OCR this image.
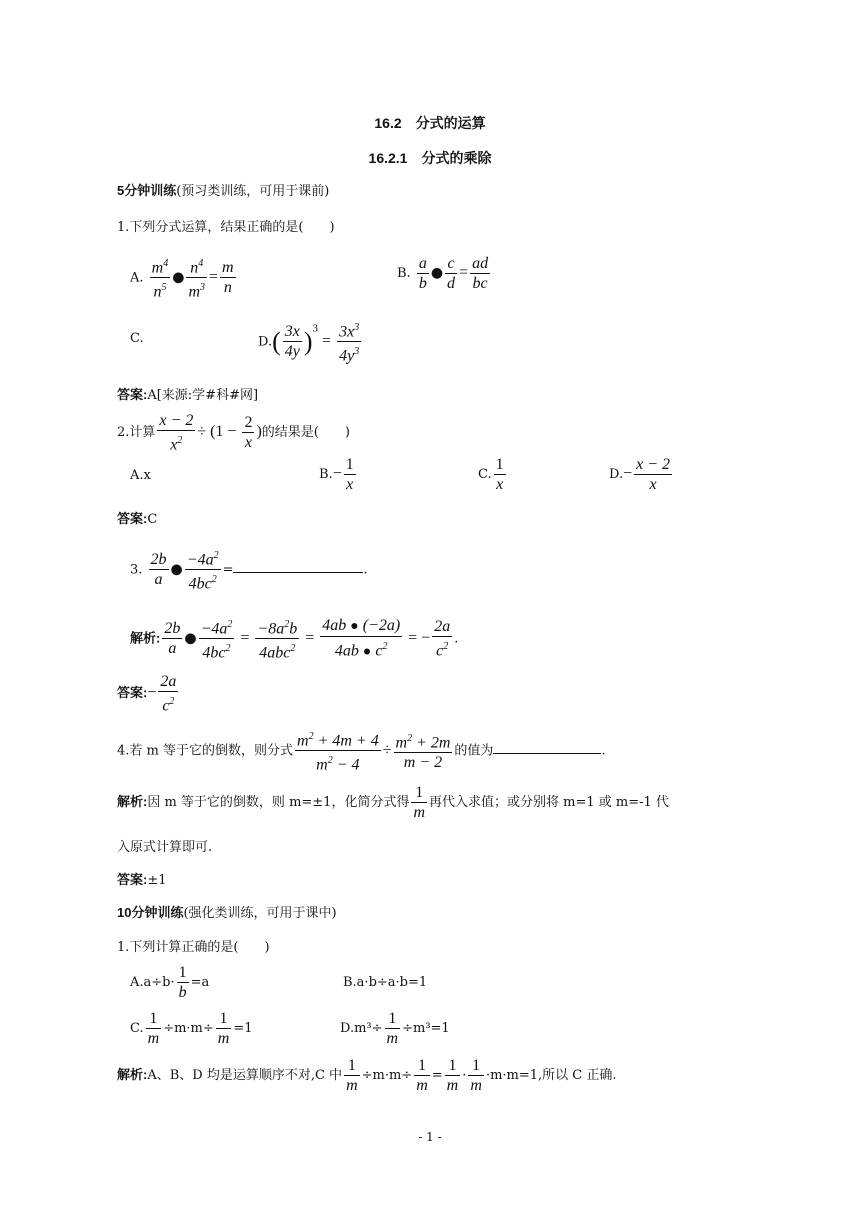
16.2　分式的运算
16.2.1　分式的乘除
5分钟训练(预习类训练，可用于课前)
1.下列分式运算，结果正确的是(　　)
A. $\frac{m^4}{n^5}$ ● $\frac{n^4}{m^3} = \frac{m}{n}$	B. $\frac{a}{b}$ ● $\frac{c}{d} = \frac{ad}{bc}$
C.	$D.( \frac{3x}{4y} )^3 = \frac{3x^3}{4y^3}$
答案:A[来源:学#科#网]
2.计算 $\frac{x - 2}{x^2} \div (1 - \frac{2}{x}$ )的结果是(　　)
A.x	$B.- \frac{1}{x}$	C. $\frac{1}{x}$	$D.- \frac{x - 2}{x}$
答案:C
3. $\frac{2b}{a}$ ● $\frac{-4a^2}{4bc^2}$ =	.
解析: $\frac{2b}{a}$ ● $\frac{-4a^2}{4bc^2} = \frac{-8a^2b}{4abc^2} = \frac{4ab ● (-2a)}{4ab ● c^2}$ = − $\frac{2a}{c^2}$ .
答案:− $\frac{2a}{c^2}$
4.若 m 等于它的倒数，则分式 $\frac{m^2 + 4m + 4}{m^2 - 4} \div \frac{m^2 + 2m}{m - 2}$ 的值为	.
解析:因 m 等于它的倒数，则 m=±1，化简分式得 $\frac{1}{m}$ 再代入求值；或分别将 m=1 或 m=-1 代
入原式计算即可.
答案:±1
10分钟训练(强化类训练，可用于课中)
1.下列计算正确的是(　　)
$A.a\div b\cdot \frac{1}{b} =a$	B.a·b÷a·b=1
C. $\frac{1}{m} \div m\cdot m\div \frac{1}{m} =1$	$D.m^3\div \frac{1}{m} \div m^3=1$
解析:A、B、D 均是运算顺序不对,C 中 $\frac{1}{m} \div m\cdot m\div \frac{1}{m} = \frac{1}{m} \cdot \frac{1}{m} \cdot m\cdot m=1$,所以 C 正确.
- 1 -
